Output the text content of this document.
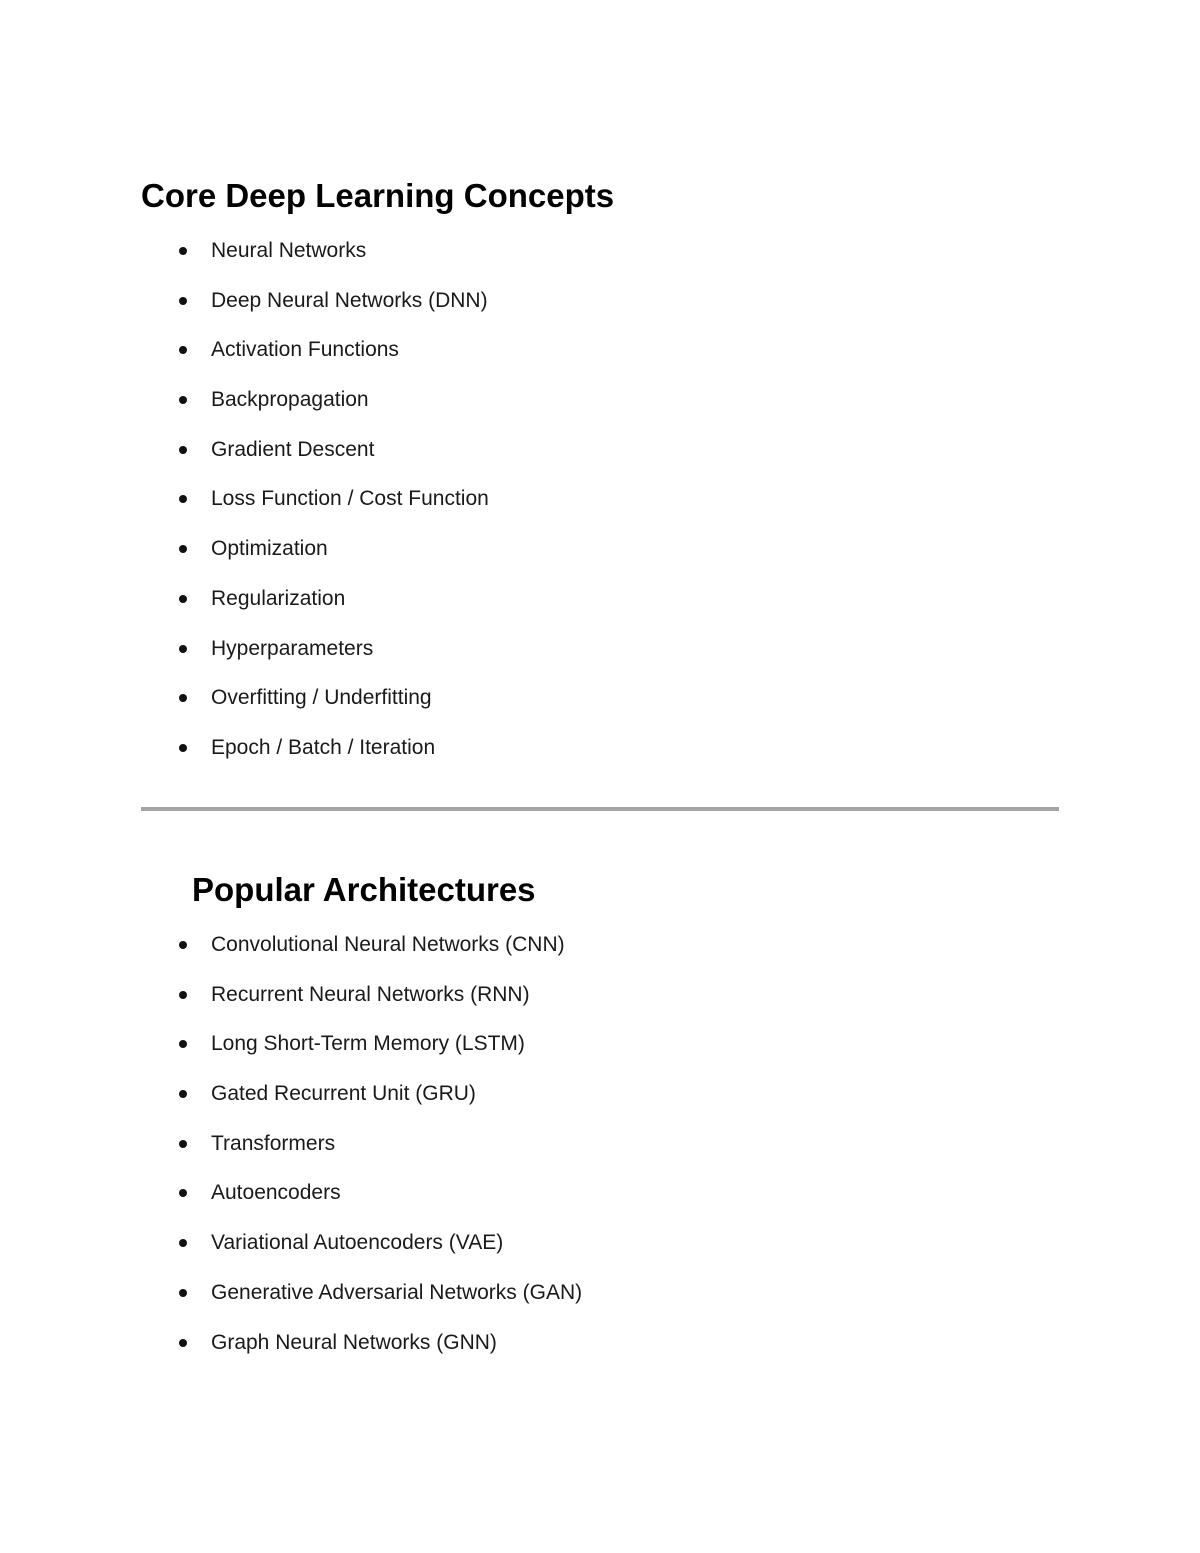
Core Deep Learning Concepts
Neural Networks
Deep Neural Networks (DNN)
Activation Functions
Backpropagation
Gradient Descent
Loss Function / Cost Function
Optimization
Regularization
Hyperparameters
Overfitting / Underfitting
Epoch / Batch / Iteration
Popular Architectures
Convolutional Neural Networks (CNN)
Recurrent Neural Networks (RNN)
Long Short-Term Memory (LSTM)
Gated Recurrent Unit (GRU)
Transformers
Autoencoders
Variational Autoencoders (VAE)
Generative Adversarial Networks (GAN)
Graph Neural Networks (GNN)
